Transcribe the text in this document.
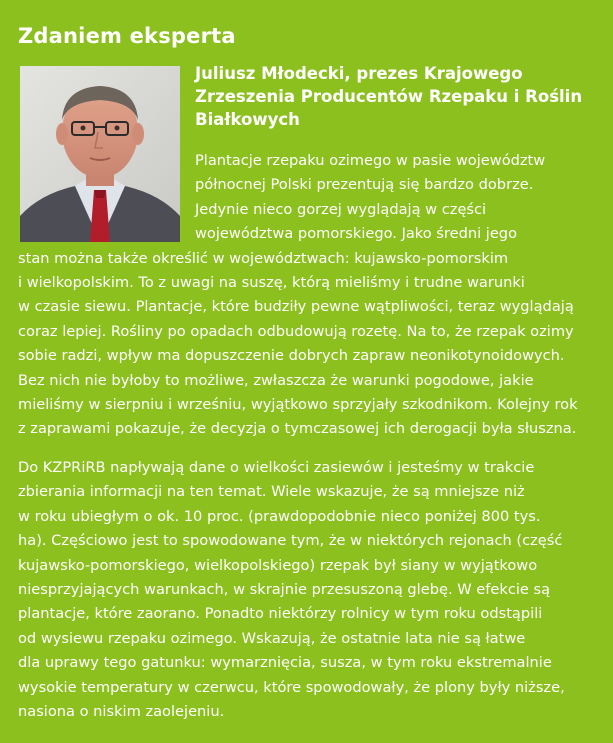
Zdaniem eksperta
Juliusz Młodecki, prezes Krajowego
Zrzeszenia Producentów Rzepaku i Roślin
Białkowych
Plantacje rzepaku ozimego w pasie województw
północnej Polski prezentują się bardzo dobrze.
Jedynie nieco gorzej wyglądają w części
województwa pomorskiego. Jako średni jego
stan można także określić w województwach: kujawsko-pomorskim
i wielkopolskim. To z uwagi na suszę, którą mieliśmy i trudne warunki
w czasie siewu. Plantacje, które budziły pewne wątpliwości, teraz wyglądają
coraz lepiej. Rośliny po opadach odbudowują rozetę. Na to, że rzepak ozimy
sobie radzi, wpływ ma dopuszczenie dobrych zapraw neonikotynoidowych.
Bez nich nie byłoby to możliwe, zwłaszcza że warunki pogodowe, jakie
mieliśmy w sierpniu i wrześniu, wyjątkowo sprzyjały szkodnikom. Kolejny rok
z zaprawami pokazuje, że decyzja o tymczasowej ich derogacji była słuszna.
Do KZPRiRB napływają dane o wielkości zasiewów i jesteśmy w trakcie
zbierania informacji na ten temat. Wiele wskazuje, że są mniejsze niż
w roku ubiegłym o ok. 10 proc. (prawdopodobnie nieco poniżej 800 tys.
ha). Częściowo jest to spowodowane tym, że w niektórych rejonach (część
kujawsko-pomorskiego, wielkopolskiego) rzepak był siany w wyjątkowo
niesprzyjających warunkach, w skrajnie przesuszoną glebę. W efekcie są
plantacje, które zaorano. Ponadto niektórzy rolnicy w tym roku odstąpili
od wysiewu rzepaku ozimego. Wskazują, że ostatnie lata nie są łatwe
dla uprawy tego gatunku: wymarznięcia, susza, w tym roku ekstremalnie
wysokie temperatury w czerwcu, które spowodowały, że plony były niższe,
nasiona o niskim zaolejeniu.
